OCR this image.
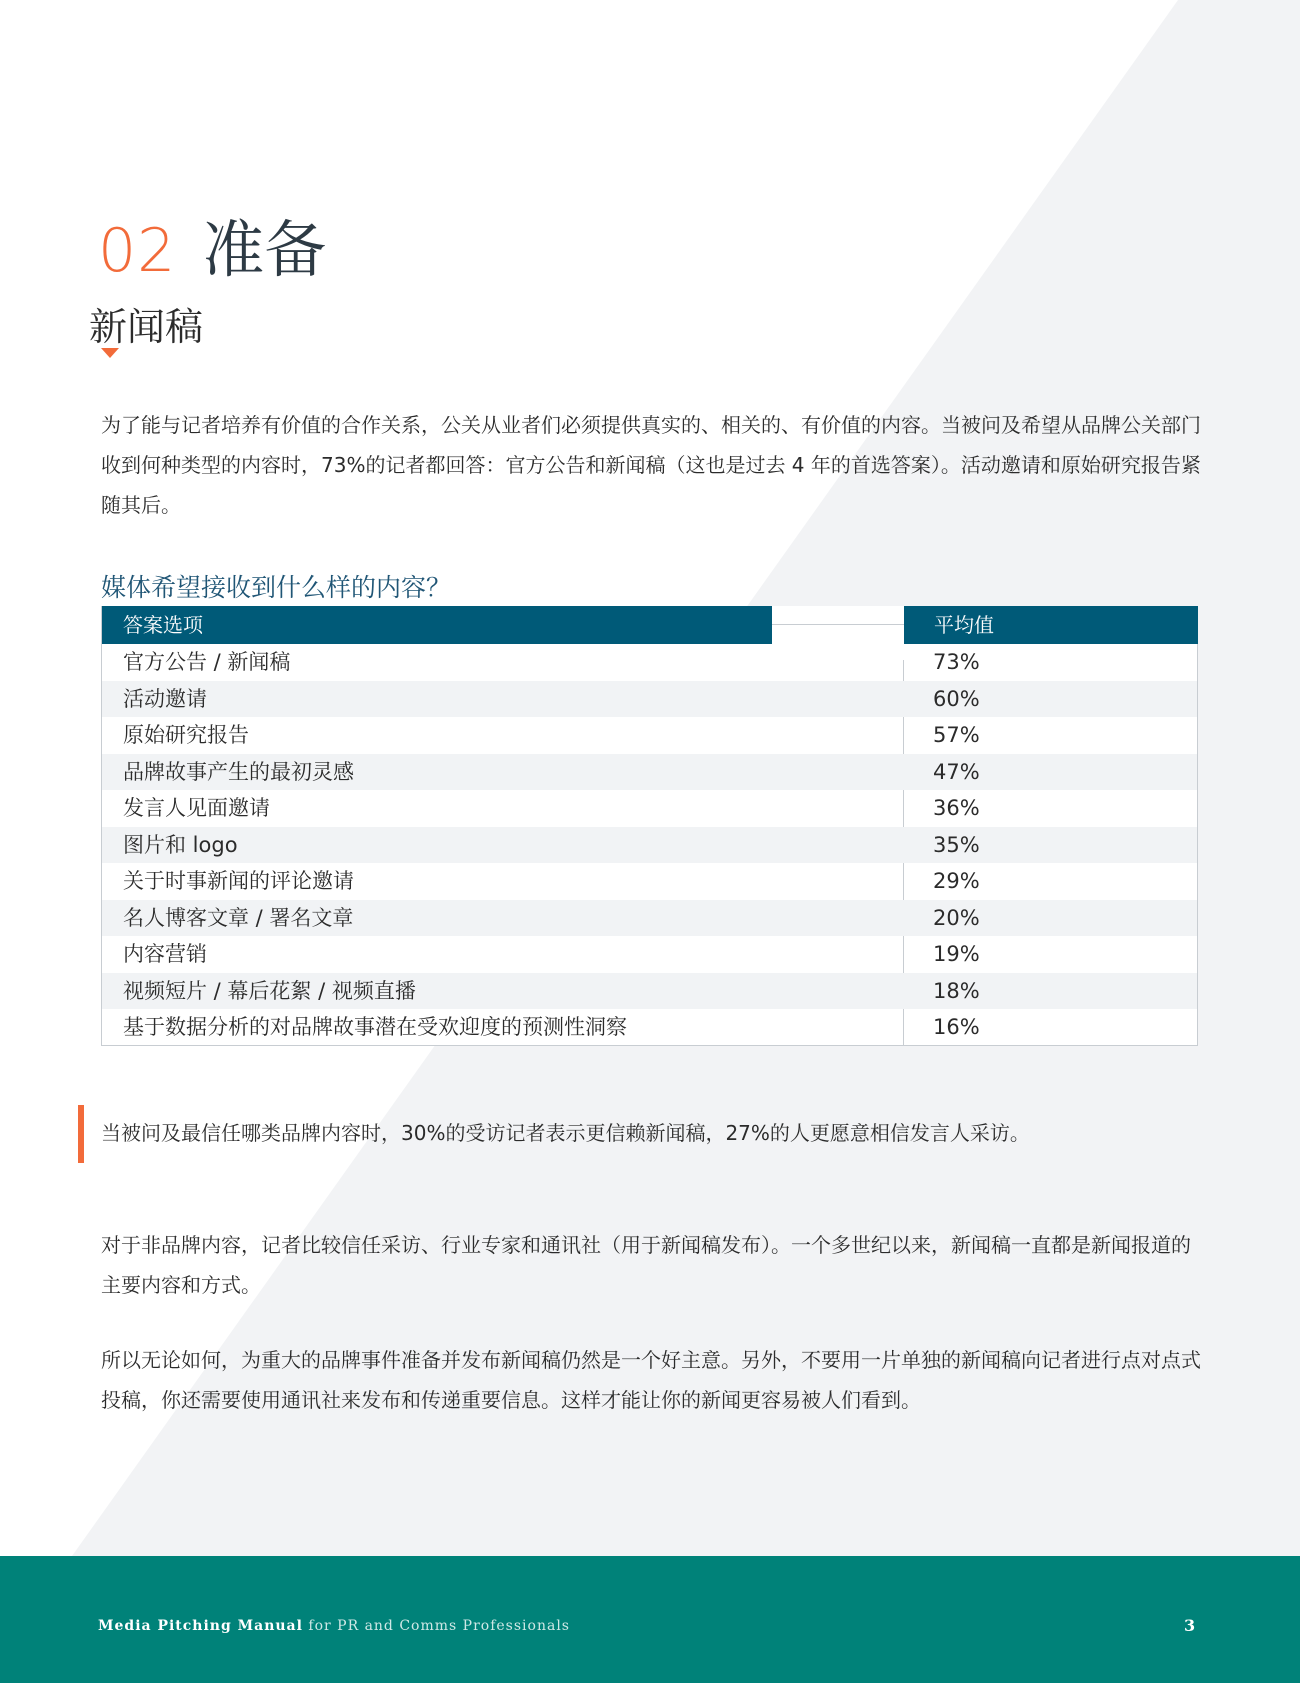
02 准备
新闻稿

为了能与记者培养有价值的合作关系，公关从业者们必须提供真实的、相关的、有价值的内容。当被问及希望从品牌公关部门收到何种类型的内容时，73%的记者都回答：官方公告和新闻稿（这也是过去 4 年的首选答案）。活动邀请和原始研究报告紧随其后。

媒体希望接收到什么样的内容？
答案选项	平均值
官方公告 / 新闻稿	73%
活动邀请	60%
原始研究报告	57%
品牌故事产生的最初灵感	47%
发言人见面邀请	36%
图片和 logo	35%
关于时事新闻的评论邀请	29%
名人博客文章 / 署名文章	20%
内容营销	19%
视频短片 / 幕后花絮 / 视频直播	18%
基于数据分析的对品牌故事潜在受欢迎度的预测性洞察	16%

当被问及最信任哪类品牌内容时，30%的受访记者表示更信赖新闻稿，27%的人更愿意相信发言人采访。

对于非品牌内容，记者比较信任采访、行业专家和通讯社（用于新闻稿发布）。一个多世纪以来，新闻稿一直都是新闻报道的主要内容和方式。

所以无论如何，为重大的品牌事件准备并发布新闻稿仍然是一个好主意。另外，不要用一片单独的新闻稿向记者进行点对点式投稿，你还需要使用通讯社来发布和传递重要信息。这样才能让你的新闻更容易被人们看到。

Media Pitching Manual for PR and Comms Professionals	3
